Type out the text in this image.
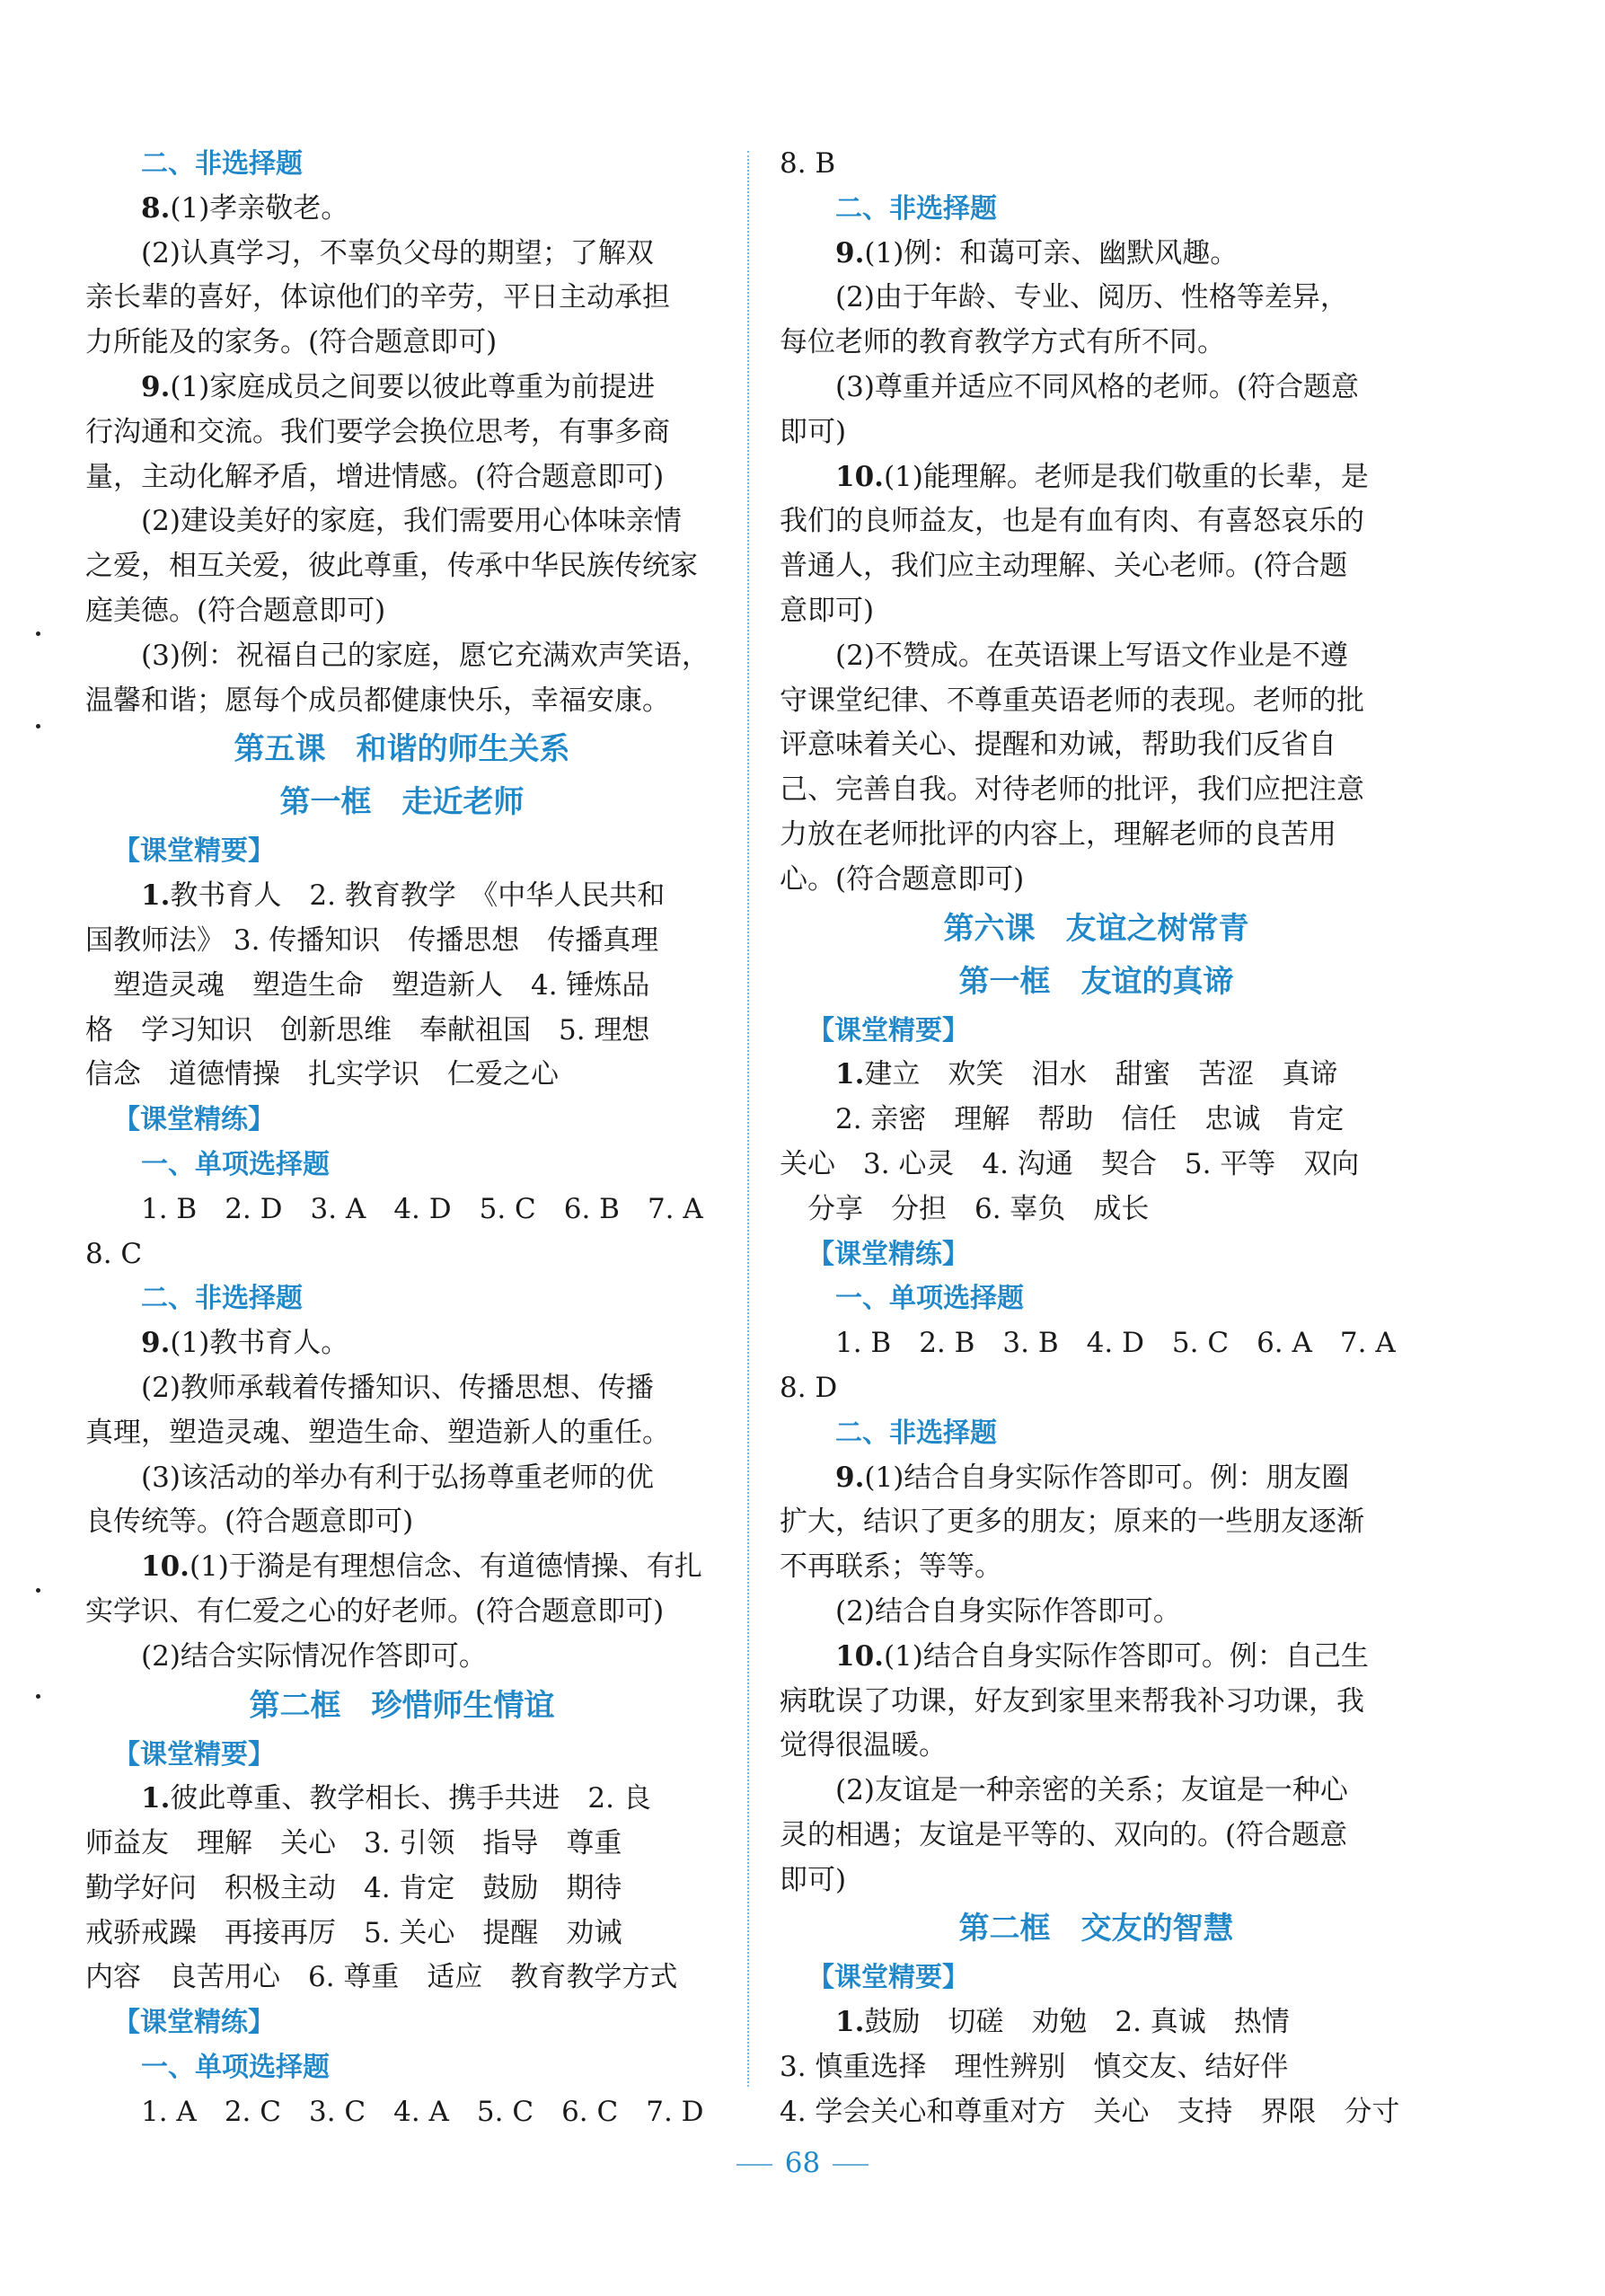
二、非选择题
8.(1)孝亲敬老。
(2)认真学习，不辜负父母的期望；了解双
亲长辈的喜好，体谅他们的辛劳，平日主动承担
力所能及的家务。(符合题意即可)
9.(1)家庭成员之间要以彼此尊重为前提进
行沟通和交流。我们要学会换位思考，有事多商
量，主动化解矛盾，增进情感。(符合题意即可)
(2)建设美好的家庭，我们需要用心体味亲情
之爱，相互关爱，彼此尊重，传承中华民族传统家
庭美德。(符合题意即可)
(3)例：祝福自己的家庭，愿它充满欢声笑语，
温馨和谐；愿每个成员都健康快乐，幸福安康。
第五课　和谐的师生关系
第一框　走近老师
【课堂精要】
1.教书育人　2. 教育教学　《中华人民共和
国教师法》 3. 传播知识　传播思想　传播真理
塑造灵魂　塑造生命　塑造新人　4. 锤炼品
格　学习知识　创新思维　奉献祖国　5. 理想
信念　道德情操　扎实学识　仁爱之心
【课堂精练】
一、单项选择题
1. B　2. D　3. A　4. D　5. C　6. B　7. A
8. C
二、非选择题
9.(1)教书育人。
(2)教师承载着传播知识、传播思想、传播
真理，塑造灵魂、塑造生命、塑造新人的重任。
(3)该活动的举办有利于弘扬尊重老师的优
良传统等。(符合题意即可)
10.(1)于漪是有理想信念、有道德情操、有扎
实学识、有仁爱之心的好老师。(符合题意即可)
(2)结合实际情况作答即可。
第二框　珍惜师生情谊
【课堂精要】
1.彼此尊重、教学相长、携手共进　2. 良
师益友　理解　关心　3. 引领　指导　尊重
勤学好问　积极主动　4. 肯定　鼓励　期待
戒骄戒躁　再接再厉　5. 关心　提醒　劝诫
内容　良苦用心　6. 尊重　适应　教育教学方式
【课堂精练】
一、单项选择题
1. A　2. C　3. C　4. A　5. C　6. C　7. D
8. B
二、非选择题
9.(1)例：和蔼可亲、幽默风趣。
(2)由于年龄、专业、阅历、性格等差异，
每位老师的教育教学方式有所不同。
(3)尊重并适应不同风格的老师。(符合题意
即可)
10.(1)能理解。老师是我们敬重的长辈，是
我们的良师益友，也是有血有肉、有喜怒哀乐的
普通人，我们应主动理解、关心老师。(符合题
意即可)
(2)不赞成。在英语课上写语文作业是不遵
守课堂纪律、不尊重英语老师的表现。老师的批
评意味着关心、提醒和劝诫，帮助我们反省自
己、完善自我。对待老师的批评，我们应把注意
力放在老师批评的内容上，理解老师的良苦用
心。(符合题意即可)
第六课　友谊之树常青
第一框　友谊的真谛
【课堂精要】
1.建立　欢笑　泪水　甜蜜　苦涩　真谛
2. 亲密　理解　帮助　信任　忠诚　肯定
关心　3. 心灵　4. 沟通　契合　5. 平等　双向
分享　分担　6. 辜负　成长
【课堂精练】
一、单项选择题
1. B　2. B　3. B　4. D　5. C　6. A　7. A
8. D
二、非选择题
9.(1)结合自身实际作答即可。例：朋友圈
扩大，结识了更多的朋友；原来的一些朋友逐渐
不再联系；等等。
(2)结合自身实际作答即可。
10.(1)结合自身实际作答即可。例：自己生
病耽误了功课，好友到家里来帮我补习功课，我
觉得很温暖。
(2)友谊是一种亲密的关系；友谊是一种心
灵的相遇；友谊是平等的、双向的。(符合题意
即可)
第二框　交友的智慧
【课堂精要】
1.鼓励　切磋　劝勉　2. 真诚　热情
3. 慎重选择　理性辨别　慎交友、结好伴
4. 学会关心和尊重对方　关心　支持　界限　分寸
68
